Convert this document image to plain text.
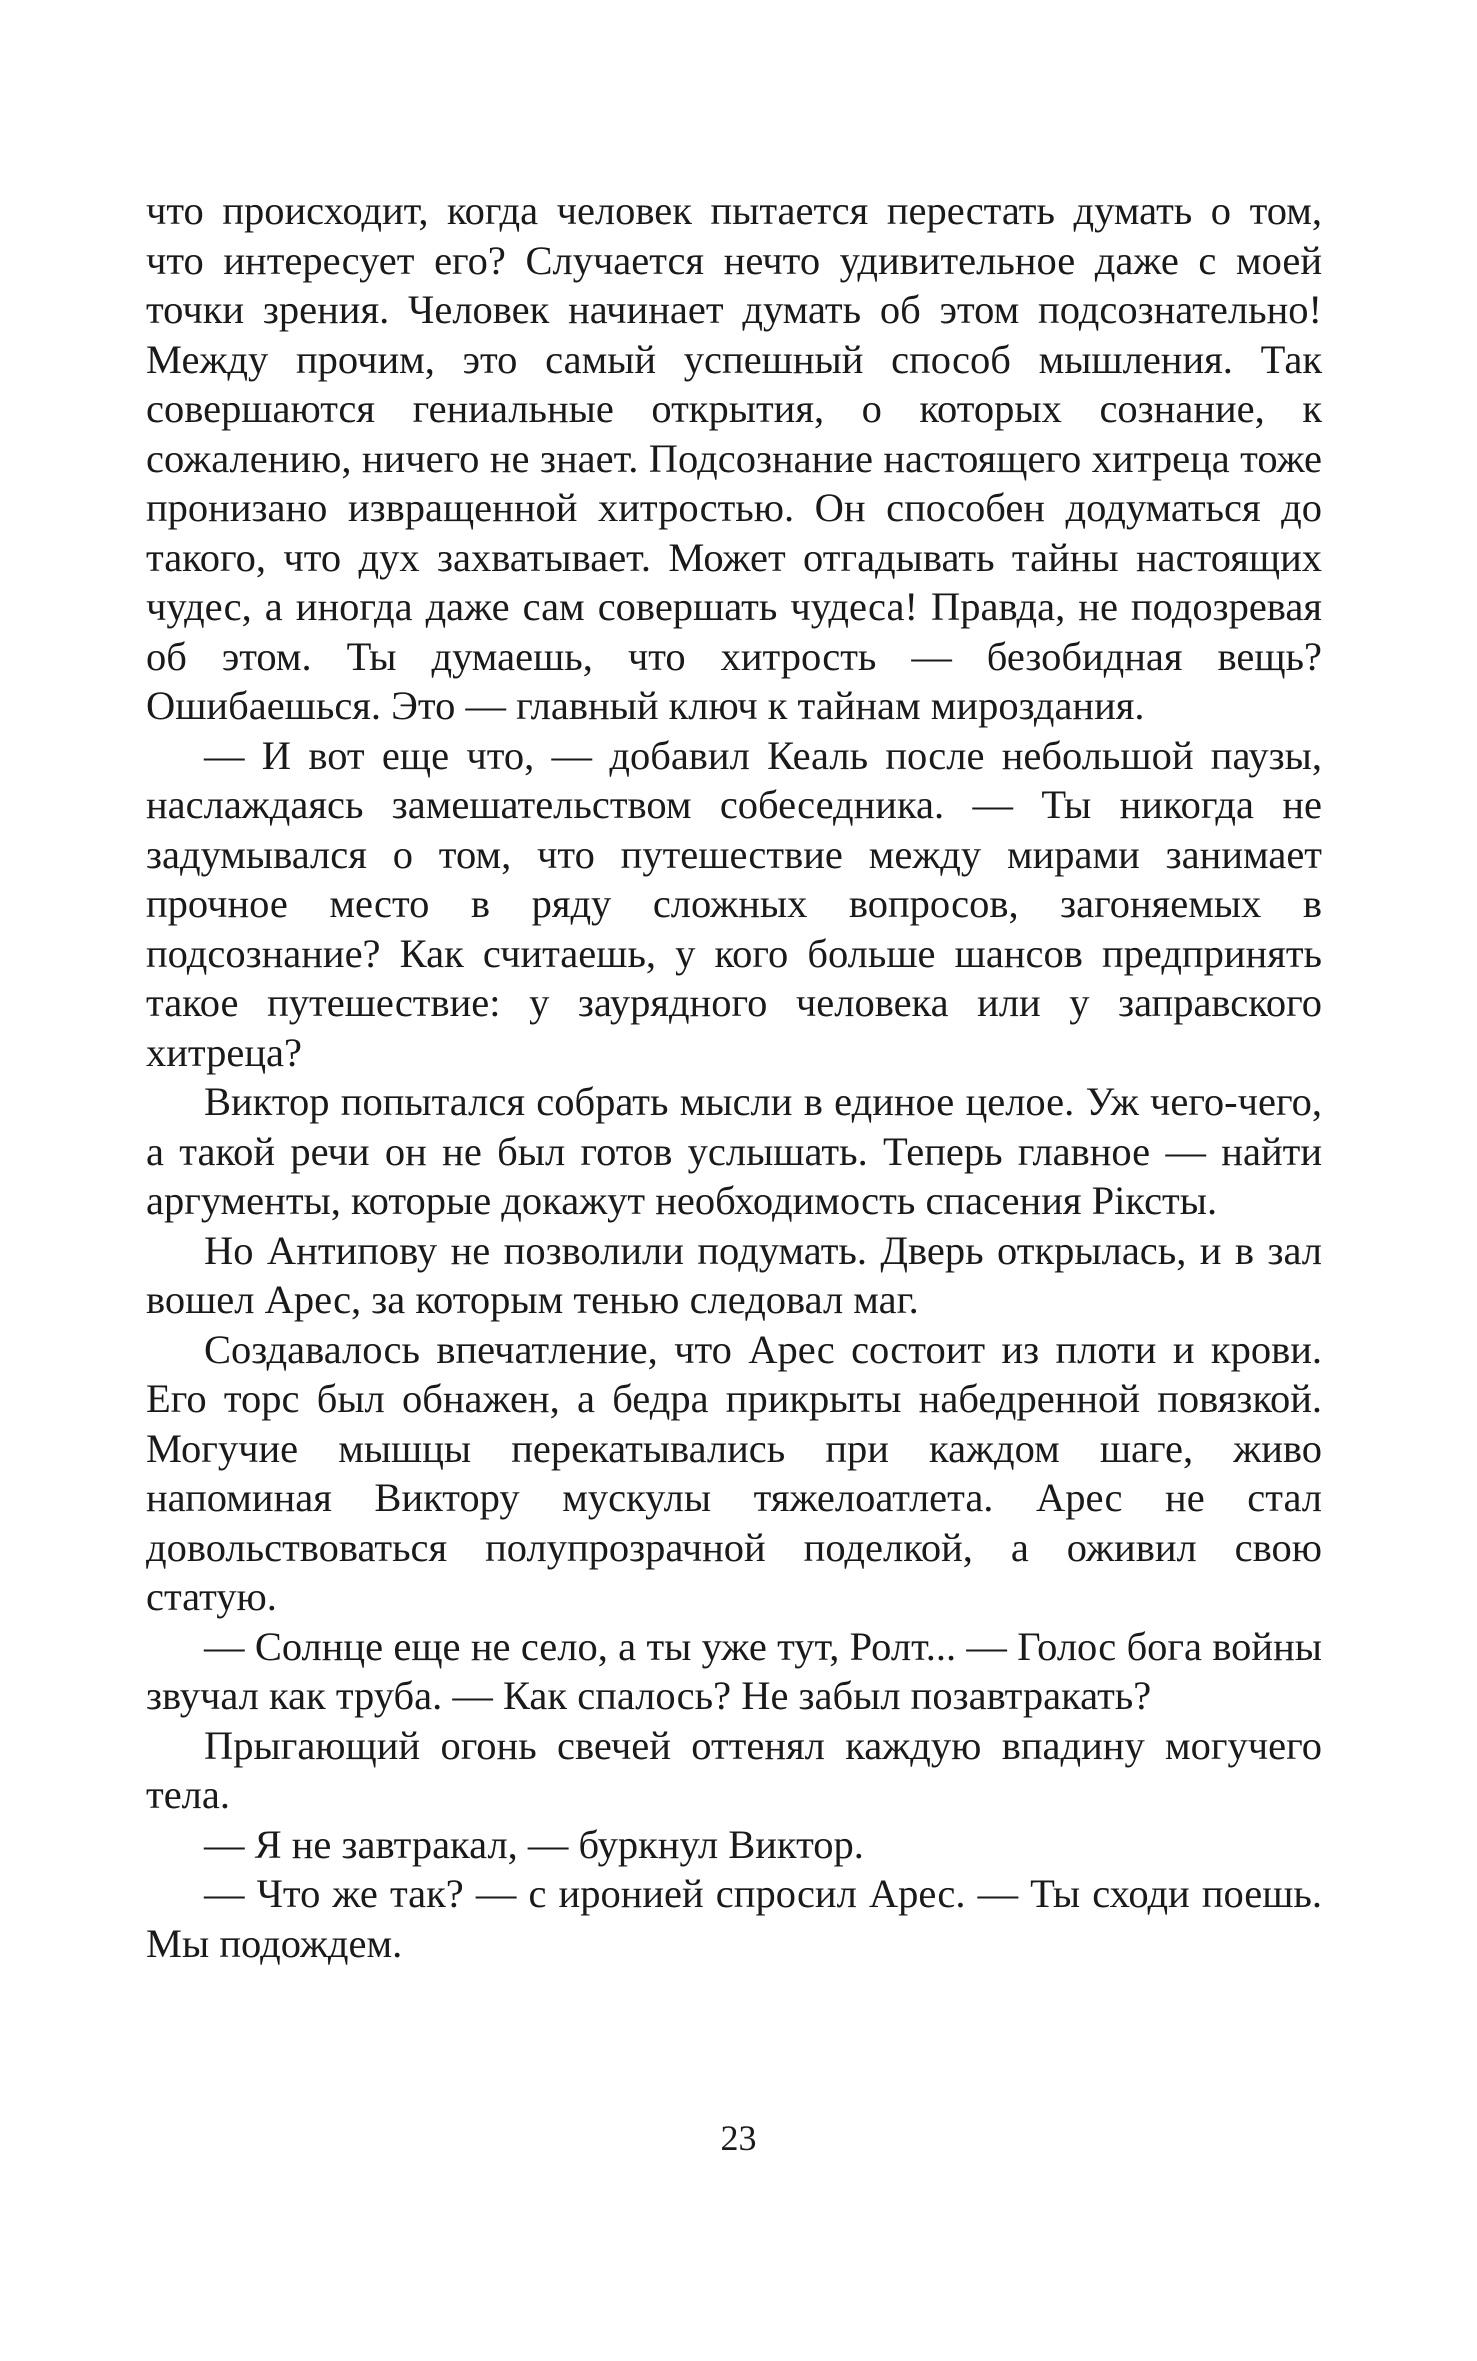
что происходит, когда человек пытается перестать думать о том, что интересует его? Случается нечто удивительное даже с моей точки зрения. Человек начинает думать об этом подсознательно! Между прочим, это самый успешный способ мышления. Так совершаются гениальные открытия, о которых сознание, к сожалению, ничего не знает. Подсознание настоящего хитреца тоже пронизано извращенной хитростью. Он способен додуматься до такого, что дух захватывает. Может отгадывать тайны настоящих чудес, а иногда даже сам совершать чудеса! Правда, не подозревая об этом. Ты думаешь, что хитрость — безобидная вещь? Ошибаешься. Это — главный ключ к тайнам мироздания.

— И вот еще что, — добавил Кеаль после небольшой паузы, наслаждаясь замешательством собеседника. — Ты никогда не задумывался о том, что путешествие между мирами занимает прочное место в ряду сложных вопросов, загоняемых в подсознание? Как считаешь, у кого больше шансов предпринять такое путешествие: у заурядного человека или у заправского хитреца?

Виктор попытался собрать мысли в единое целое. Уж чего-чего, а такой речи он не был готов услышать. Теперь главное — найти аргументы, которые докажут необходимость спасения Рiксты.

Но Антипову не позволили подумать. Дверь открылась, и в зал вошел Арес, за которым тенью следовал маг.

Создавалось впечатление, что Арес состоит из плоти и крови. Его торс был обнажен, а бедра прикрыты набедренной повязкой. Могучие мышцы перекатывались при каждом шаге, живо напоминая Виктору мускулы тяжелоатлета. Арес не стал довольствоваться полупрозрачной поделкой, а оживил свою статую.

— Солнце еще не село, а ты уже тут, Ролт... — Голос бога войны звучал как труба. — Как спалось? Не забыл позавтракать?

Прыгающий огонь свечей оттенял каждую впадину могучего тела.

— Я не завтракал, — буркнул Виктор.

— Что же так? — с иронией спросил Арес. — Ты сходи поешь. Мы подождем.

23
